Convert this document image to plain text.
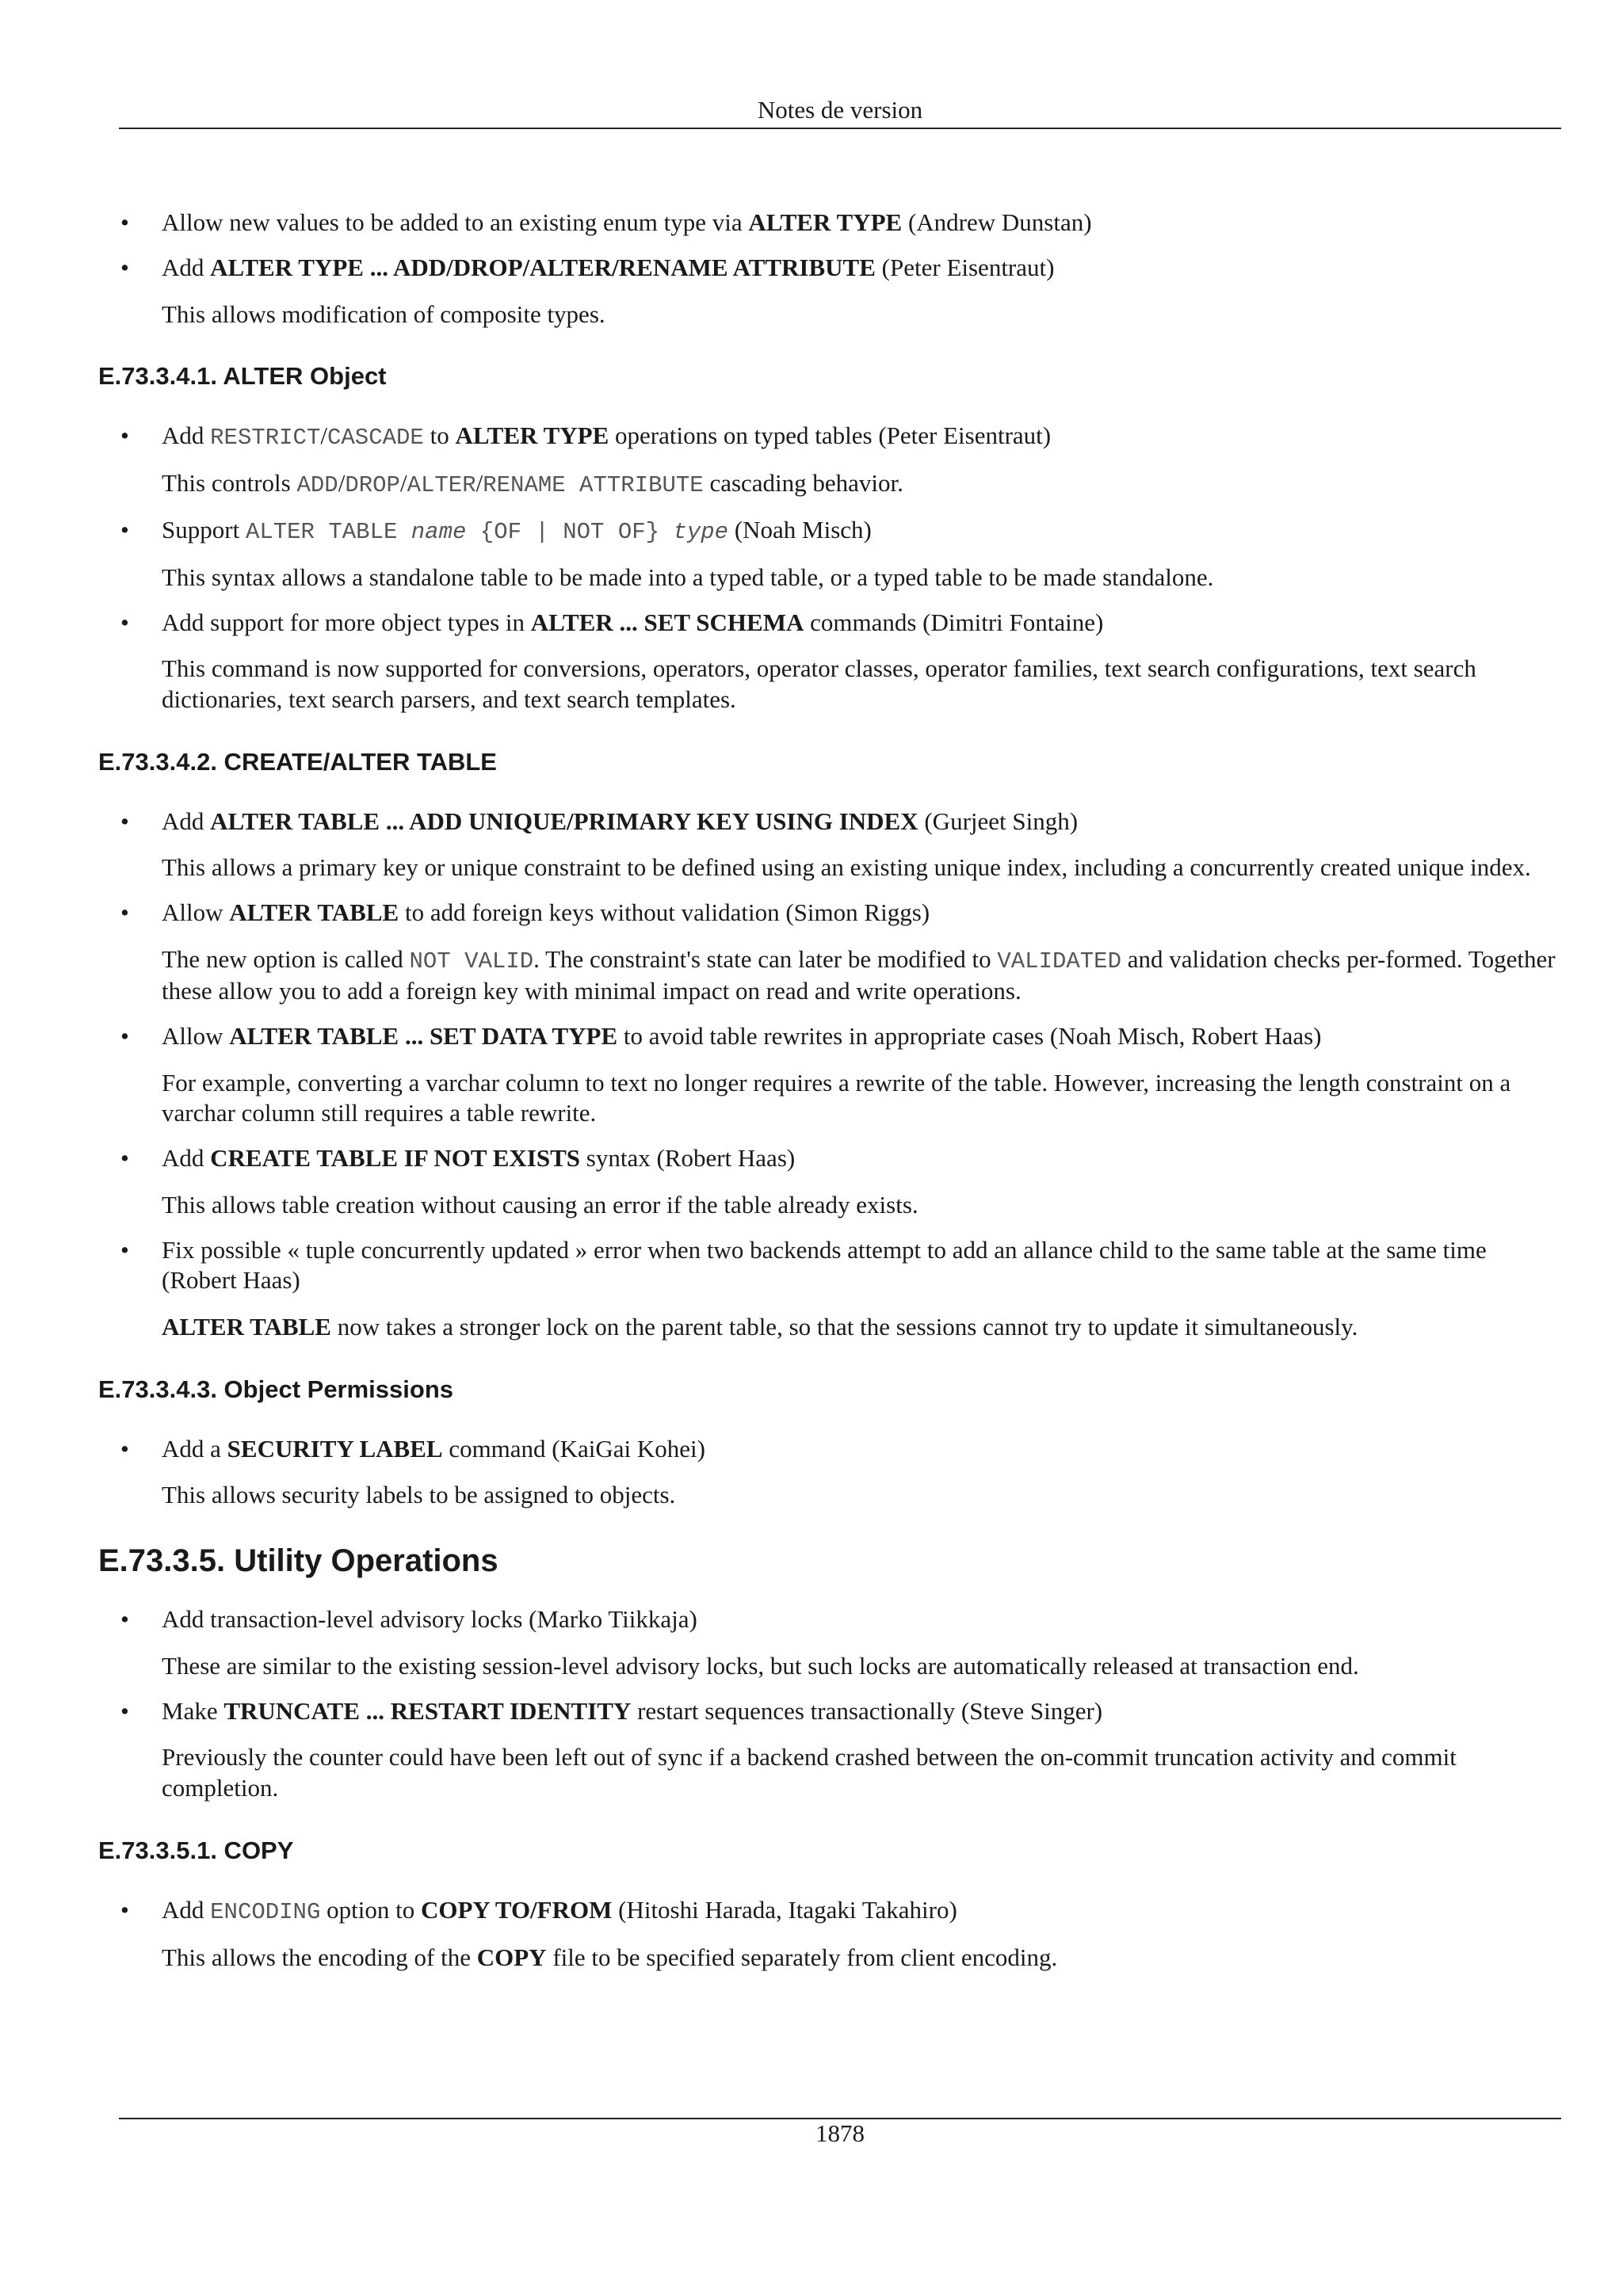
Notes de version
• Allow new values to be added to an existing enum type via ALTER TYPE (Andrew Dunstan)
• Add ALTER TYPE ... ADD/DROP/ALTER/RENAME ATTRIBUTE (Peter Eisentraut)
This allows modification of composite types.
E.73.3.4.1. ALTER Object
• Add RESTRICT/CASCADE to ALTER TYPE operations on typed tables (Peter Eisentraut)
This controls ADD/DROP/ALTER/RENAME ATTRIBUTE cascading behavior.
• Support ALTER TABLE name {OF | NOT OF} type (Noah Misch)
This syntax allows a standalone table to be made into a typed table, or a typed table to be made standalone.
• Add support for more object types in ALTER ... SET SCHEMA commands (Dimitri Fontaine)
This command is now supported for conversions, operators, operator classes, operator families, text search configurations, text search dictionaries, text search parsers, and text search templates.
E.73.3.4.2. CREATE/ALTER TABLE
• Add ALTER TABLE ... ADD UNIQUE/PRIMARY KEY USING INDEX (Gurjeet Singh)
This allows a primary key or unique constraint to be defined using an existing unique index, including a concurrently created unique index.
• Allow ALTER TABLE to add foreign keys without validation (Simon Riggs)
The new option is called NOT VALID. The constraint's state can later be modified to VALIDATED and validation checks per-formed. Together these allow you to add a foreign key with minimal impact on read and write operations.
• Allow ALTER TABLE ... SET DATA TYPE to avoid table rewrites in appropriate cases (Noah Misch, Robert Haas)
For example, converting a varchar column to text no longer requires a rewrite of the table. However, increasing the length constraint on a varchar column still requires a table rewrite.
• Add CREATE TABLE IF NOT EXISTS syntax (Robert Haas)
This allows table creation without causing an error if the table already exists.
• Fix possible « tuple concurrently updated » error when two backends attempt to add an allance child to the same table at the same time (Robert Haas)
ALTER TABLE now takes a stronger lock on the parent table, so that the sessions cannot try to update it simultaneously.
E.73.3.4.3. Object Permissions
• Add a SECURITY LABEL command (KaiGai Kohei)
This allows security labels to be assigned to objects.
E.73.3.5. Utility Operations
• Add transaction-level advisory locks (Marko Tiikkaja)
These are similar to the existing session-level advisory locks, but such locks are automatically released at transaction end.
• Make TRUNCATE ... RESTART IDENTITY restart sequences transactionally (Steve Singer)
Previously the counter could have been left out of sync if a backend crashed between the on-commit truncation activity and commit completion.
E.73.3.5.1. COPY
• Add ENCODING option to COPY TO/FROM (Hitoshi Harada, Itagaki Takahiro)
This allows the encoding of the COPY file to be specified separately from client encoding.
1878
